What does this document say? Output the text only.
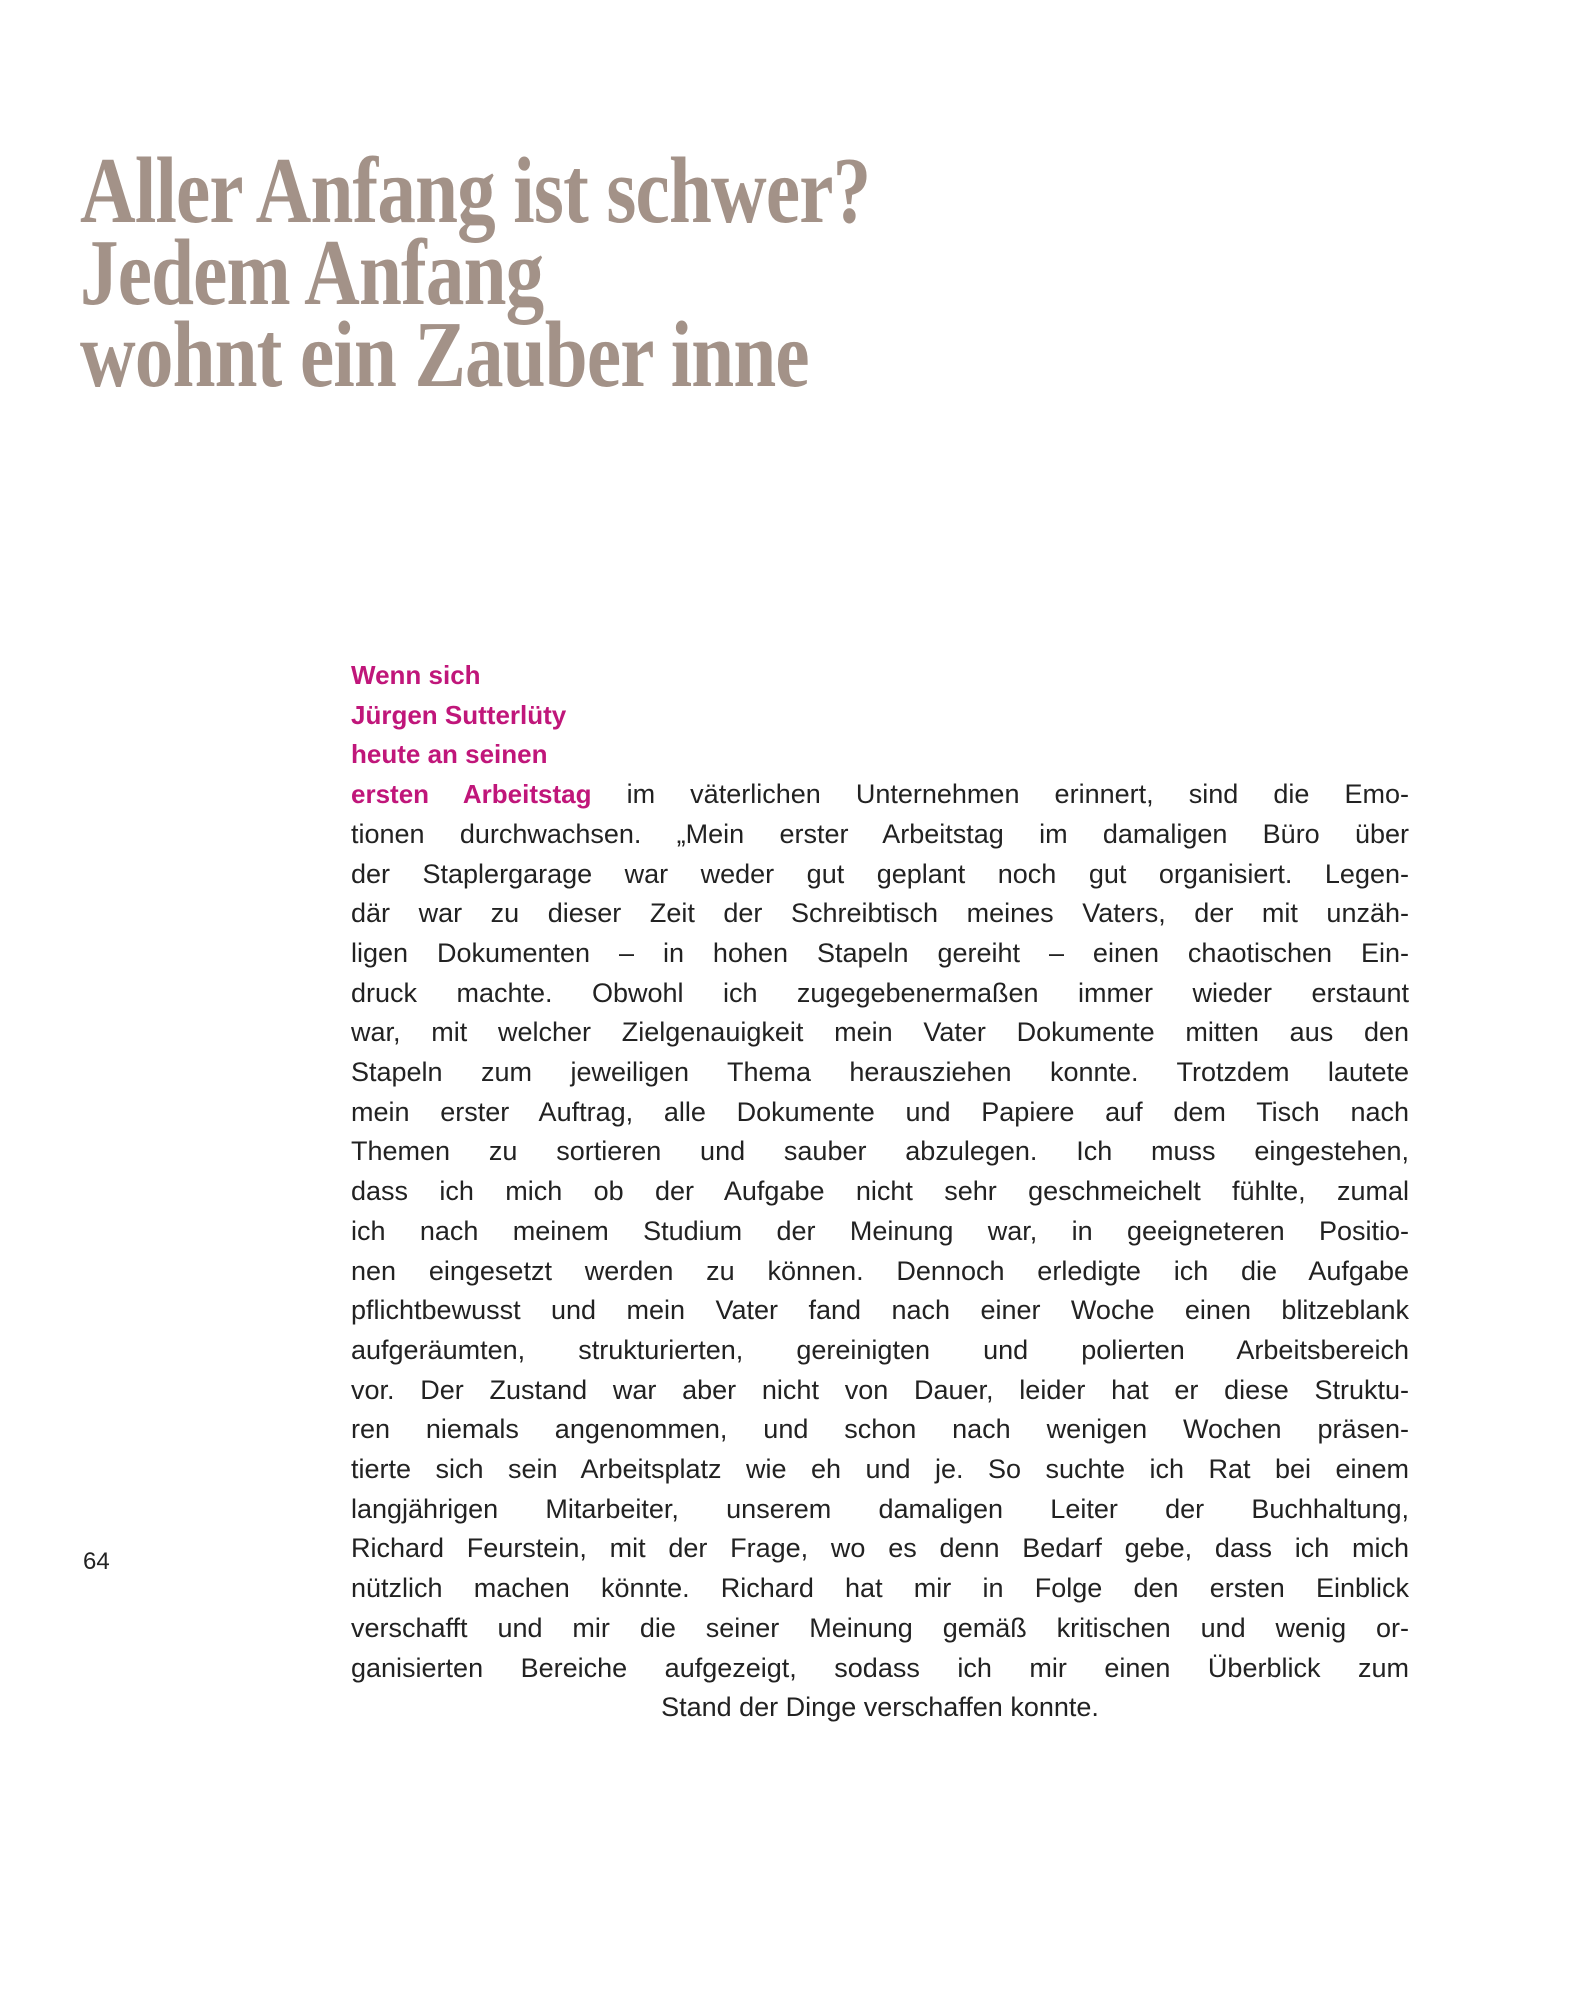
Aller Anfang ist schwer?
Jedem Anfang
wohnt ein Zauber inne
Wenn sich
Jürgen Sutterlüty
heute an seinen
ersten Arbeitstag im väterlichen Unternehmen erinnert, sind die Emo-
tionen durchwachsen. „Mein erster Arbeitstag im damaligen Büro über
der Staplergarage war weder gut geplant noch gut organisiert. Legen-
där war zu dieser Zeit der Schreibtisch meines Vaters, der mit unzäh-
ligen Dokumenten – in hohen Stapeln gereiht – einen chaotischen Ein-
druck machte. Obwohl ich zugegebenermaßen immer wieder erstaunt
war, mit welcher Zielgenauigkeit mein Vater Dokumente mitten aus den
Stapeln zum jeweiligen Thema herausziehen konnte. Trotzdem lautete
mein erster Auftrag, alle Dokumente und Papiere auf dem Tisch nach
Themen zu sortieren und sauber abzulegen. Ich muss eingestehen,
dass ich mich ob der Aufgabe nicht sehr geschmeichelt fühlte, zumal
ich nach meinem Studium der Meinung war, in geeigneteren Positio-
nen eingesetzt werden zu können. Dennoch erledigte ich die Aufgabe
pflichtbewusst und mein Vater fand nach einer Woche einen blitzeblank
aufgeräumten, strukturierten, gereinigten und polierten Arbeitsbereich
vor. Der Zustand war aber nicht von Dauer, leider hat er diese Struktu-
ren niemals angenommen, und schon nach wenigen Wochen präsen-
tierte sich sein Arbeitsplatz wie eh und je. So suchte ich Rat bei einem
langjährigen Mitarbeiter, unserem damaligen Leiter der Buchhaltung,
Richard Feurstein, mit der Frage, wo es denn Bedarf gebe, dass ich mich
nützlich machen könnte. Richard hat mir in Folge den ersten Einblick
verschafft und mir die seiner Meinung gemäß kritischen und wenig or-
ganisierten Bereiche aufgezeigt, sodass ich mir einen Überblick zum
Stand der Dinge verschaffen konnte.
64
